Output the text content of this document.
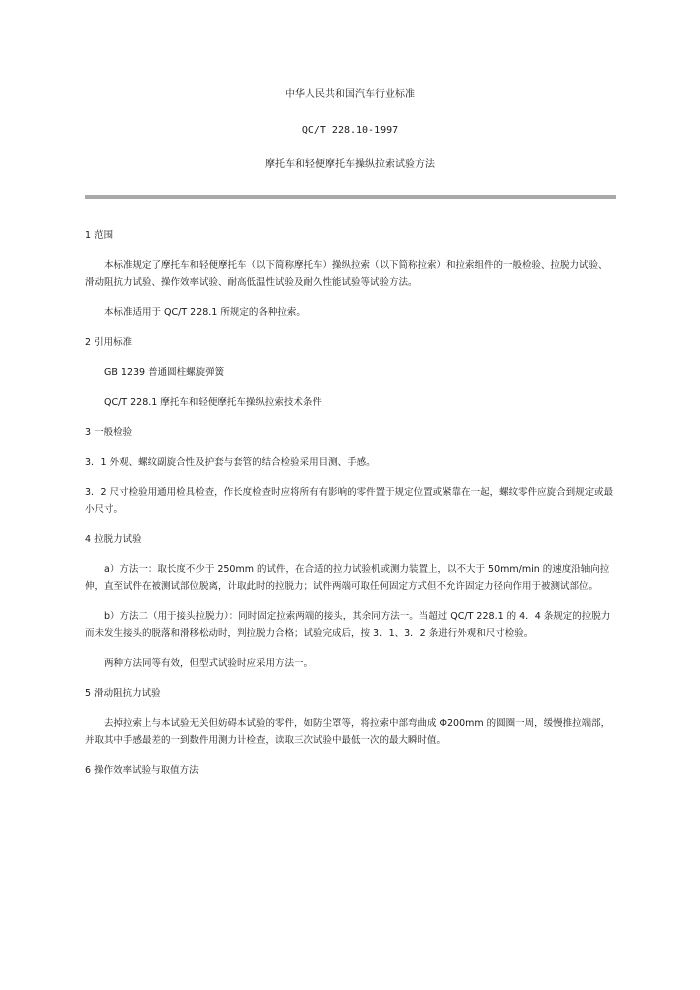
中华人民共和国汽车行业标准
QC/T 228.10-1997
摩托车和轻便摩托车操纵拉索试验方法

1 范围

本标准规定了摩托车和轻便摩托车（以下简称摩托车）操纵拉索（以下简称拉索）和拉索组件的一般检验、拉脱力试验、滑动阻抗力试验、操作效率试验、耐高低温性试验及耐久性能试验等试验方法。

本标准适用于 QC/T 228.1 所规定的各种拉索。

2 引用标准

GB 1239 普通圆柱螺旋弹簧

QC/T 228.1 摩托车和轻便摩托车操纵拉索技术条件

3 一般检验

3．1 外观、螺纹副旋合性及护套与套管的结合检验采用目测、手感。

3．2 尺寸检验用通用检具检查，作长度检查时应将所有有影响的零件置于规定位置或紧靠在一起，螺纹零件应旋合到规定或最小尺寸。

4 拉脱力试验

a）方法一：取长度不少于 250mm 的试件，在合适的拉力试验机或测力装置上，以不大于 50mm/min 的速度沿轴向拉伸，直至试件在被测试部位脱离，计取此时的拉脱力；试件两端可取任何固定方式但不允许固定力径向作用于被测试部位。

b）方法二（用于接头拉脱力）：同时固定拉索两端的接头，其余同方法一。当超过 QC/T 228.1 的 4．4 条规定的拉脱力而未发生接头的脱落和滑移松动时，判拉脱力合格；试验完成后，按 3．1、3．2 条进行外观和尺寸检验。

两种方法同等有效，但型式试验时应采用方法一。

5 滑动阻抗力试验

去掉拉索上与本试验无关但妨碍本试验的零件，如防尘罩等，将拉索中部弯曲成 Φ200mm 的圆圈一周，缓慢推拉端部，并取其中手感最差的一到数件用测力计检查，读取三次试验中最低一次的最大瞬时值。

6 操作效率试验与取值方法
